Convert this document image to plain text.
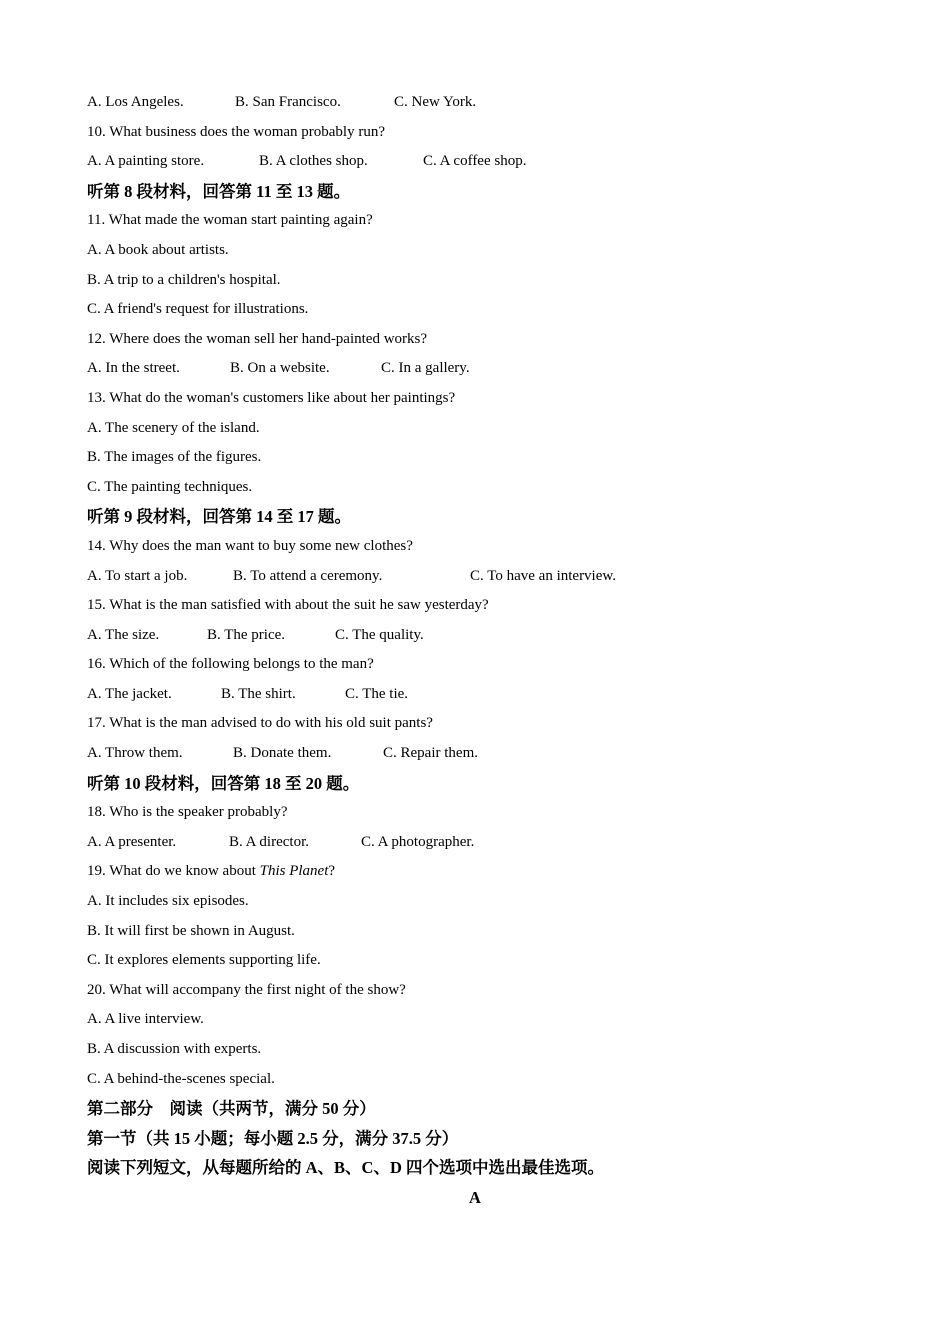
A. Los Angeles.	B. San Francisco.	C. New York.
10. What business does the woman probably run?
A. A painting store.	B. A clothes shop.	C. A coffee shop.
听第 8 段材料，回答第 11 至 13 题。
11. What made the woman start painting again?
A. A book about artists.
B. A trip to a children's hospital.
C. A friend's request for illustrations.
12. Where does the woman sell her hand-painted works?
A. In the street.	B. On a website.	C. In a gallery.
13. What do the woman's customers like about her paintings?
A. The scenery of the island.
B. The images of the figures.
C. The painting techniques.
听第 9 段材料，回答第 14 至 17 题。
14. Why does the man want to buy some new clothes?
A. To start a job.	B. To attend a ceremony.	C. To have an interview.
15. What is the man satisfied with about the suit he saw yesterday?
A. The size.	B. The price.	C. The quality.
16. Which of the following belongs to the man?
A. The jacket.	B. The shirt.	C. The tie.
17. What is the man advised to do with his old suit pants?
A. Throw them.	B. Donate them.	C. Repair them.
听第 10 段材料，回答第 18 至 20 题。
18. Who is the speaker probably?
A. A presenter.	B. A director.	C. A photographer.
19. What do we know about This Planet?
A. It includes six episodes.
B. It will first be shown in August.
C. It explores elements supporting life.
20. What will accompany the first night of the show?
A. A live interview.
B. A discussion with experts.
C. A behind-the-scenes special.
第二部分　阅读（共两节，满分 50 分）
第一节（共 15 小题；每小题 2.5 分，满分 37.5 分）
阅读下列短文，从每题所给的 A、B、C、D 四个选项中选出最佳选项。
A
